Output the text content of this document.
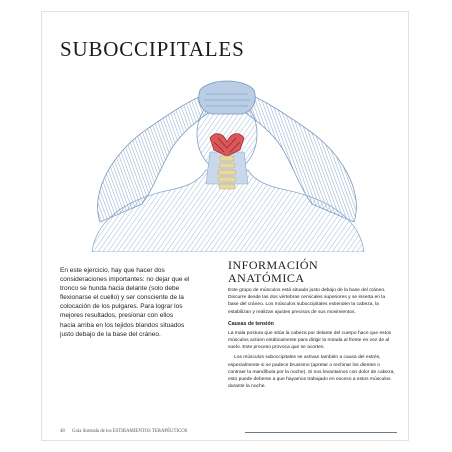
SUBOCCIPITALES
En este ejercicio, hay que hacer dos consideraciones importantes: no dejar que el tronco se hunda hacia delante (solo debe flexionarse el cuello) y ser consciente de la colocación de los pulgares. Para lograr los mejores resultados, presionar con ellos hacia arriba en los tejidos blandos situados justo debajo de la base del cráneo.
INFORMACIÓN ANATÓMICA

Este grupo de músculos está situado justo debajo de la base del cráneo. Discurre desde las dos vértebras cervicales superiores y se inserta en la base del cráneo. Los músculos suboccipitales extienden la cabeza, la estabilizan y realizan ajustes precisos de sus movimientos.

Causas de tensión

La mala postura que sitúa la cabeza por delante del cuerpo hace que estos músculos actúen estáticamente para dirigir la mirada al frente en vez de al suelo. Este proceso provoca que se acorten.

Los músculos suboccipitales se activan también a causa del estrés, especialmente si se padece bruxismo (apretar o rechinar los dientes o contraer la mandíbula por la noche). Si nos levantamos con dolor de cabeza, esto puede deberse a que hayamos trabajado en exceso a estos músculos durante la noche.

48 Guía ilustrada de los ESTIRAMIENTOS TERAPÉUTICOS
